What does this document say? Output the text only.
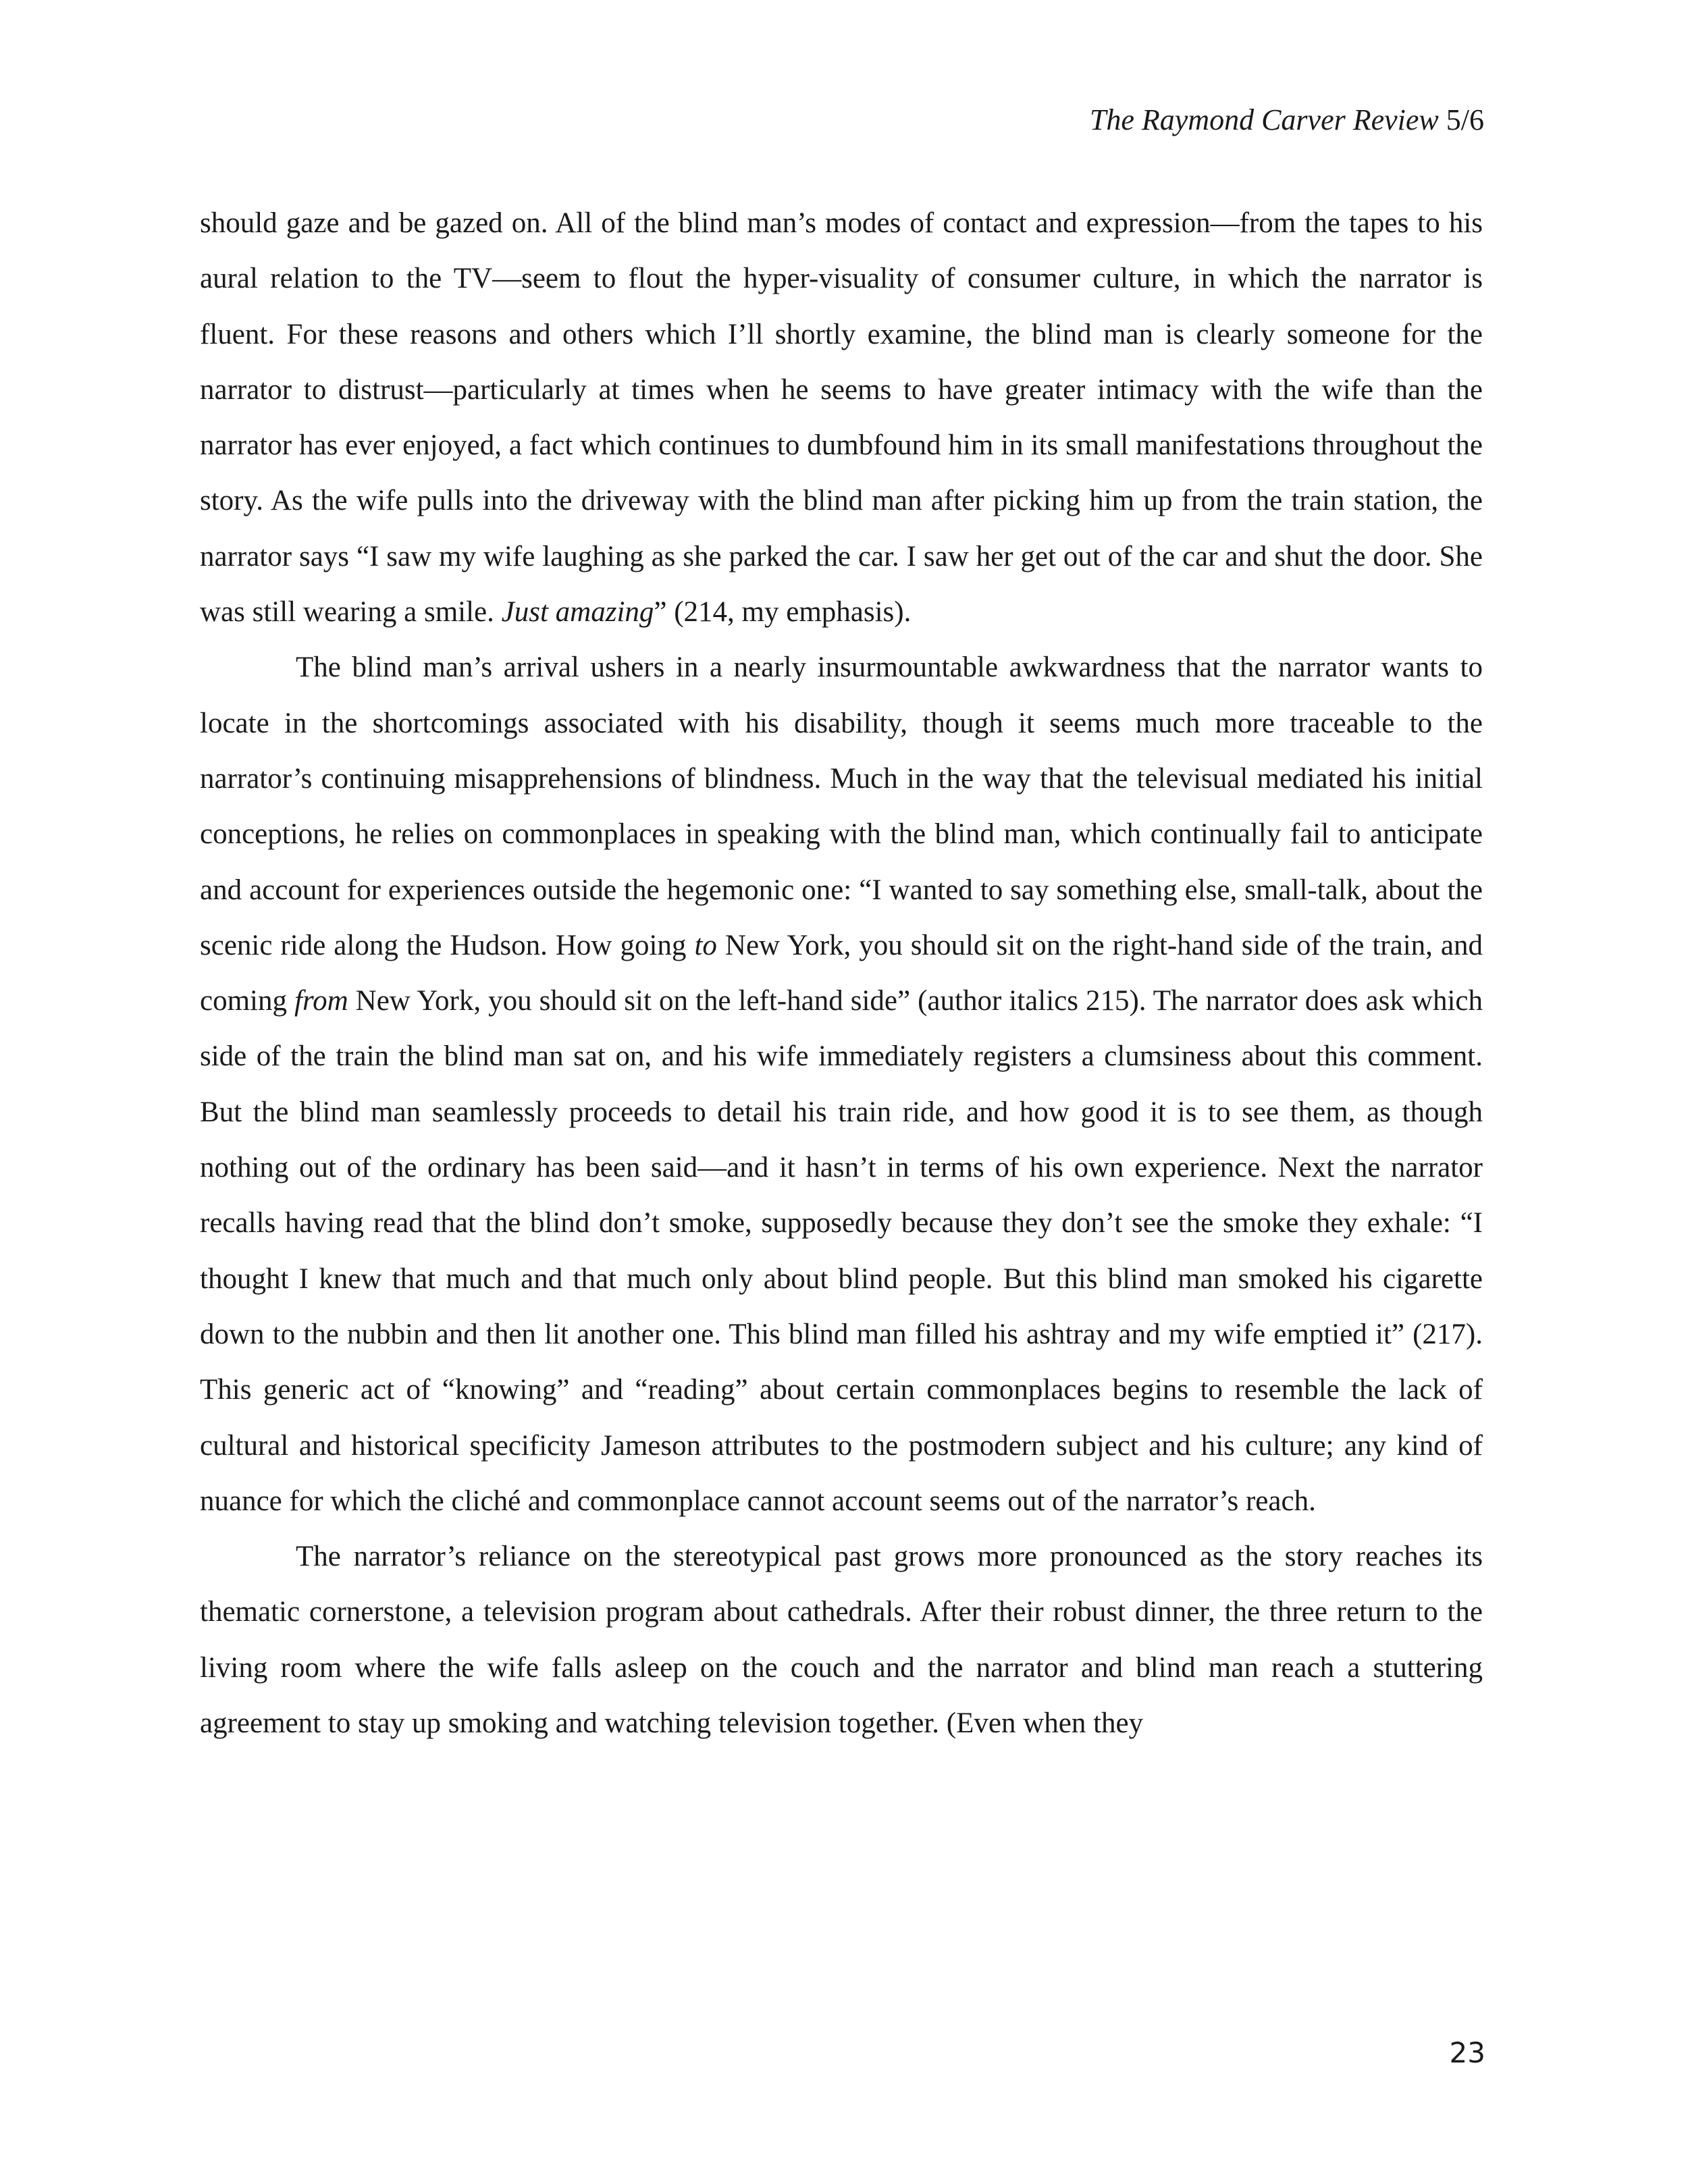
The Raymond Carver Review 5/6

should gaze and be gazed on. All of the blind man’s modes of contact and expression—from the tapes to his aural relation to the TV—seem to flout the hyper-visuality of consumer culture, in which the narrator is fluent. For these reasons and others which I’ll shortly examine, the blind man is clearly someone for the narrator to distrust—particularly at times when he seems to have greater intimacy with the wife than the narrator has ever enjoyed, a fact which continues to dumbfound him in its small manifestations throughout the story. As the wife pulls into the driveway with the blind man after picking him up from the train station, the narrator says “I saw my wife laughing as she parked the car. I saw her get out of the car and shut the door. She was still wearing a smile. Just amazing” (214, my emphasis).

The blind man’s arrival ushers in a nearly insurmountable awkwardness that the narrator wants to locate in the shortcomings associated with his disability, though it seems much more traceable to the narrator’s continuing misapprehensions of blindness. Much in the way that the televisual mediated his initial conceptions, he relies on commonplaces in speaking with the blind man, which continually fail to anticipate and account for experiences outside the hegemonic one: “I wanted to say something else, small-talk, about the scenic ride along the Hudson. How going to New York, you should sit on the right-hand side of the train, and coming from New York, you should sit on the left-hand side” (author italics 215). The narrator does ask which side of the train the blind man sat on, and his wife immediately registers a clumsiness about this comment. But the blind man seamlessly proceeds to detail his train ride, and how good it is to see them, as though nothing out of the ordinary has been said—and it hasn’t in terms of his own experience. Next the narrator recalls having read that the blind don’t smoke, supposedly because they don’t see the smoke they exhale: “I thought I knew that much and that much only about blind people. But this blind man smoked his cigarette down to the nubbin and then lit another one. This blind man filled his ashtray and my wife emptied it” (217). This generic act of “knowing” and “reading” about certain commonplaces begins to resemble the lack of cultural and historical specificity Jameson attributes to the postmodern subject and his culture; any kind of nuance for which the cliché and commonplace cannot account seems out of the narrator’s reach.

The narrator’s reliance on the stereotypical past grows more pronounced as the story reaches its thematic cornerstone, a television program about cathedrals. After their robust dinner, the three return to the living room where the wife falls asleep on the couch and the narrator and blind man reach a stuttering agreement to stay up smoking and watching television together. (Even when they

23
